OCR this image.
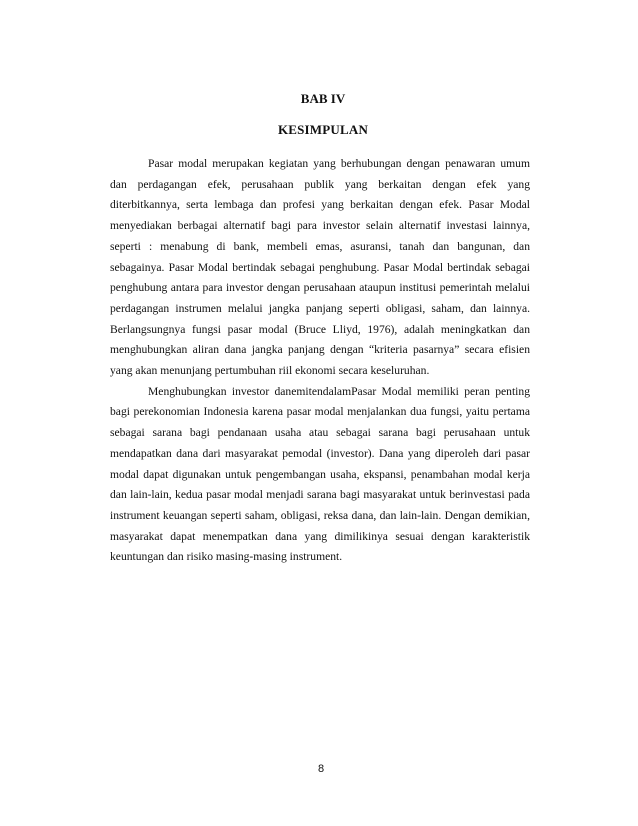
BAB IV
KESIMPULAN

Pasar modal merupakan kegiatan yang berhubungan dengan penawaran umum dan perdagangan efek, perusahaan publik yang berkaitan dengan efek yang diterbitkannya, serta lembaga dan profesi yang berkaitan dengan efek. Pasar Modal menyediakan berbagai alternatif bagi para investor selain alternatif investasi lainnya, seperti : menabung di bank, membeli emas, asuransi, tanah dan bangunan, dan sebagainya. Pasar Modal bertindak sebagai penghubung. Pasar Modal bertindak sebagai penghubung antara para investor dengan perusahaan ataupun institusi pemerintah melalui perdagangan instrumen melalui jangka panjang seperti obligasi, saham, dan lainnya. Berlangsungnya fungsi pasar modal (Bruce Lliyd, 1976), adalah meningkatkan dan menghubungkan aliran dana jangka panjang dengan “kriteria pasarnya” secara efisien yang akan menunjang pertumbuhan riil ekonomi secara keseluruhan.

Menghubungkan investor danemitendalamPasar Modal memiliki peran penting bagi perekonomian Indonesia karena pasar modal menjalankan dua fungsi, yaitu pertama sebagai sarana bagi pendanaan usaha atau sebagai sarana bagi perusahaan untuk mendapatkan dana dari masyarakat pemodal (investor). Dana yang diperoleh dari pasar modal dapat digunakan untuk pengembangan usaha, ekspansi, penambahan modal kerja dan lain-lain, kedua pasar modal menjadi sarana bagi masyarakat untuk berinvestasi pada instrument keuangan seperti saham, obligasi, reksa dana, dan lain-lain. Dengan demikian, masyarakat dapat menempatkan dana yang dimilikinya sesuai dengan karakteristik keuntungan dan risiko masing-masing instrument.

8
